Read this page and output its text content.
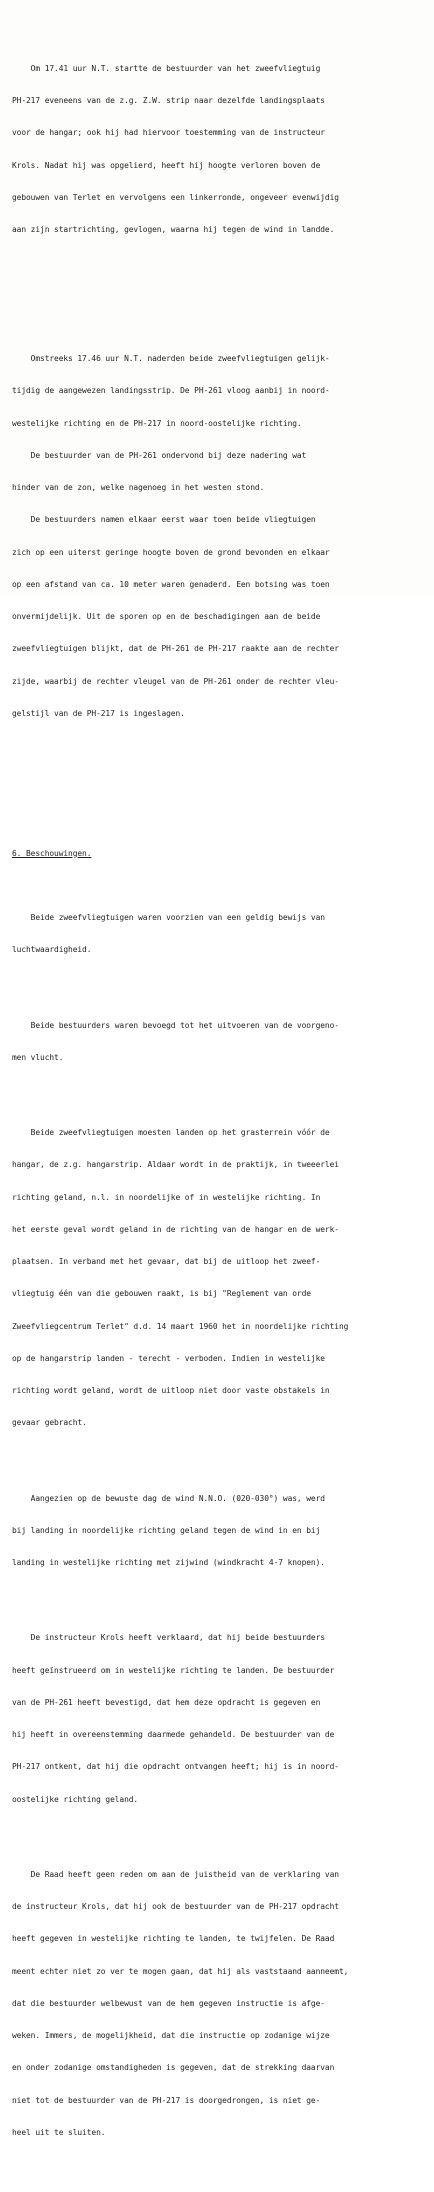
Om 17.41 uur N.T. startte de bestuurder van het zweefvliegtuig

PH-217 eveneens van de z.g. Z.W. strip naar dezelfde landingsplaats

voor de hangar; ook hij had hiervoor toestemming van de instructeur

Krols. Nadat hij was opgelierd, heeft hij hoogte verloren boven de

gebouwen van Terlet en vervolgens een linkerronde, ongeveer evenwijdig

aan zijn startrichting, gevlogen, waarna hij tegen de wind in landde.

Omstreeks 17.46 uur N.T. naderden beide zweefvliegtuigen gelijk-

tijdig de aangewezen landingsstrip. De PH-261 vloog aanbij in noord-

westelijke richting en de PH-217 in noord-oostelijke richting.

De bestuurder van de PH-261 ondervond bij deze nadering wat

hinder van de zon, welke nagenoeg in het westen stond.

De bestuurders namen elkaar eerst waar toen beide vliegtuigen

zich op een uiterst geringe hoogte boven de grond bevonden en elkaar

op een afstand van ca. 10 meter waren genaderd. Een botsing was toen

onvermijdelijk. Uit de sporen op en de beschadigingen aan de beide

zweefvliegtuigen blijkt, dat de PH-261 de PH-217 raakte aan de rechter

zijde, waarbij de rechter vleugel van de PH-261 onder de rechter vleu-

gelstijl van de PH-217 is ingeslagen.

6. Beschouwingen.

Beide zweefvliegtuigen waren voorzien van een geldig bewijs van

luchtwaardigheid.

Beide bestuurders waren bevoegd tot het uitvoeren van de voorgeno-

men vlucht.

Beide zweefvliegtuigen moesten landen op het grasterrein vóór de

hangar, de z.g. hangarstrip. Aldaar wordt in de praktijk, in tweeerlei

richting geland, n.l. in noordelijke of in westelijke richting. In

het eerste geval wordt geland in de richting van de hangar en de werk-

plaatsen. In verband met het gevaar, dat bij de uitloop het zweef-

vliegtuig één van die gebouwen raakt, is bij "Reglement van orde

Zweefvliegcentrum Terlet" d.d. 14 maart 1960 het in noordelijke richting

op de hangarstrip landen - terecht - verboden. Indien in westelijke

richting wordt geland, wordt de uitloop niet door vaste obstakels in

gevaar gebracht.

Aangezien op de bewuste dag de wind N.N.O. (020-030°) was, werd

bij landing in noordelijke richting geland tegen de wind in en bij

landing in westelijke richting met zijwind (windkracht 4-7 knopen).

De instructeur Krols heeft verklaard, dat hij beide bestuurders

heeft geïnstrueerd om in westelijke richting te landen. De bestuurder

van de PH-261 heeft bevestigd, dat hem deze opdracht is gegeven en

hij heeft in overeenstemming daarmede gehandeld. De bestuurder van de

PH-217 ontkent, dat hij die opdracht ontvangen heeft; hij is in noord-

oostelijke richting geland.

De Raad heeft geen reden om aan de juistheid van de verklaring van

de instructeur Krols, dat hij ook de bestuurder van de PH-217 opdracht

heeft gegeven in westelijke richting te landen, te twijfelen. De Raad

meent echter niet zo ver te mogen gaan, dat hij als vaststaand aanneemt,

dat die bestuurder welbewust van de hem gegeven instructie is afge-

weken. Immers, de mogelijkheid, dat die instructie op zodanige wijze

en onder zodanige omstandigheden is gegeven, dat de strekking daarvan

niet tot de bestuurder van de PH-217 is doorgedrongen, is niet ge-

heel uit te sluiten.
